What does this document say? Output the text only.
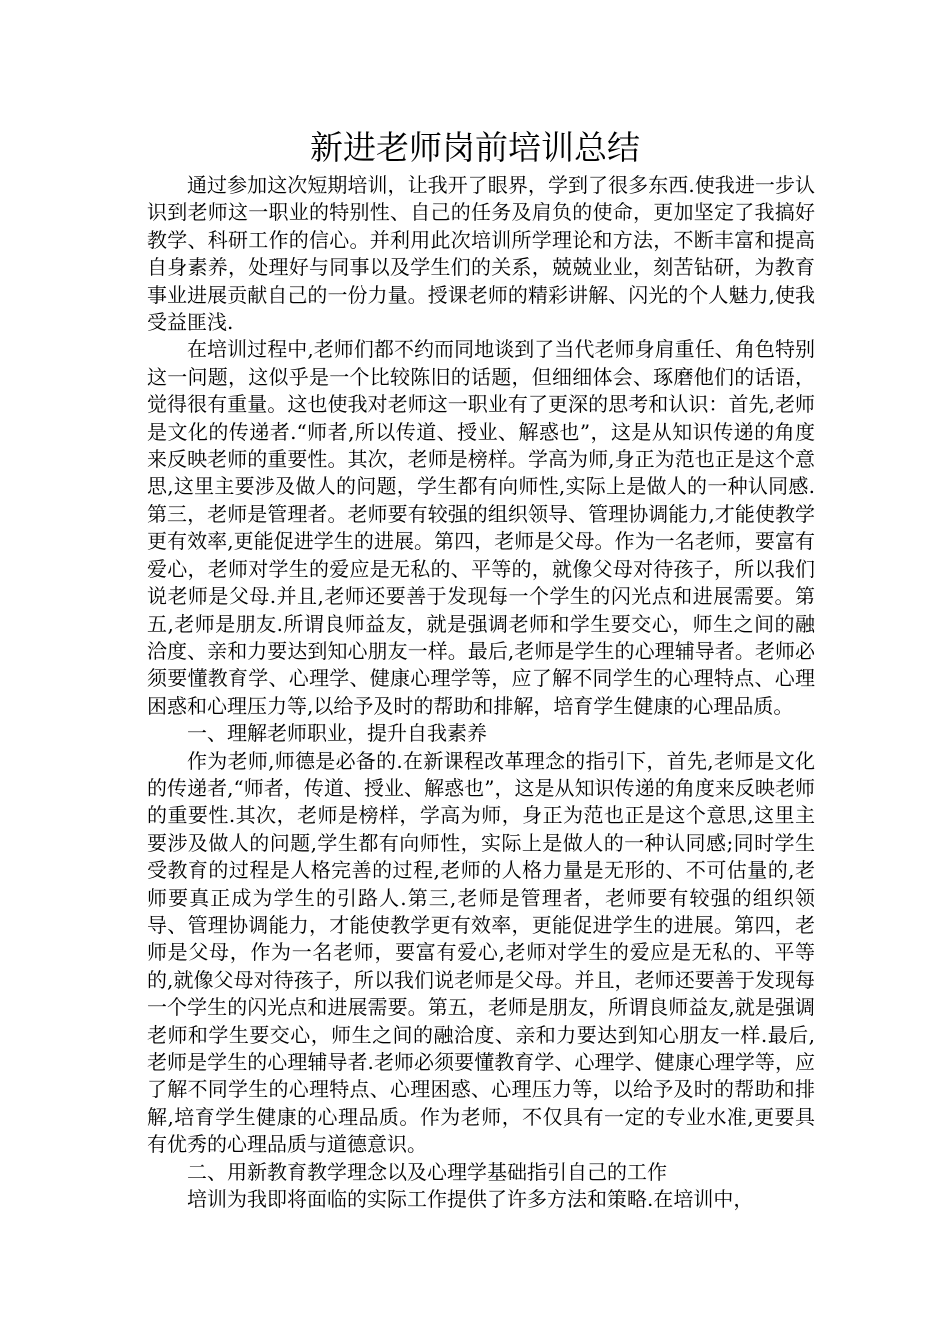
新进老师岗前培训总结

通过参加这次短期培训，让我开了眼界，学到了很多东西.使我进一步认识到老师这一职业的特别性、自己的任务及肩负的使命，更加坚定了我搞好教学、科研工作的信心。并利用此次培训所学理论和方法，不断丰富和提高自身素养，处理好与同事以及学生们的关系，兢兢业业，刻苦钻研，为教育事业进展贡献自己的一份力量。授课老师的精彩讲解、闪光的个人魅力,使我受益匪浅.

在培训过程中,老师们都不约而同地谈到了当代老师身肩重任、角色特别这一问题，这似乎是一个比较陈旧的话题，但细细体会、琢磨他们的话语，觉得很有重量。这也使我对老师这一职业有了更深的思考和认识：首先,老师是文化的传递者.“师者,所以传道、授业、解惑也”，这是从知识传递的角度来反映老师的重要性。其次，老师是榜样。学高为师,身正为范也正是这个意思,这里主要涉及做人的问题，学生都有向师性,实际上是做人的一种认同感.第三，老师是管理者。老师要有较强的组织领导、管理协调能力,才能使教学更有效率,更能促进学生的进展。第四，老师是父母。作为一名老师，要富有爱心，老师对学生的爱应是无私的、平等的，就像父母对待孩子，所以我们说老师是父母.并且,老师还要善于发现每一个学生的闪光点和进展需要。第五,老师是朋友.所谓良师益友，就是强调老师和学生要交心，师生之间的融洽度、亲和力要达到知心朋友一样。最后,老师是学生的心理辅导者。老师必须要懂教育学、心理学、健康心理学等，应了解不同学生的心理特点、心理困惑和心理压力等,以给予及时的帮助和排解，培育学生健康的心理品质。

一、理解老师职业，提升自我素养

作为老师,师德是必备的.在新课程改革理念的指引下，首先,老师是文化的传递者,“师者，传道、授业、解惑也”，这是从知识传递的角度来反映老师的重要性.其次，老师是榜样，学高为师，身正为范也正是这个意思,这里主要涉及做人的问题,学生都有向师性，实际上是做人的一种认同感;同时学生受教育的过程是人格完善的过程,老师的人格力量是无形的、不可估量的,老师要真正成为学生的引路人.第三,老师是管理者，老师要有较强的组织领导、管理协调能力，才能使教学更有效率，更能促进学生的进展。第四，老师是父母，作为一名老师，要富有爱心,老师对学生的爱应是无私的、平等的,就像父母对待孩子，所以我们说老师是父母。并且，老师还要善于发现每一个学生的闪光点和进展需要。第五，老师是朋友，所谓良师益友,就是强调老师和学生要交心，师生之间的融洽度、亲和力要达到知心朋友一样.最后,老师是学生的心理辅导者.老师必须要懂教育学、心理学、健康心理学等，应了解不同学生的心理特点、心理困惑、心理压力等，以给予及时的帮助和排解,培育学生健康的心理品质。作为老师，不仅具有一定的专业水准,更要具有优秀的心理品质与道德意识。

二、用新教育教学理念以及心理学基础指引自己的工作

培训为我即将面临的实际工作提供了许多方法和策略.在培训中，
